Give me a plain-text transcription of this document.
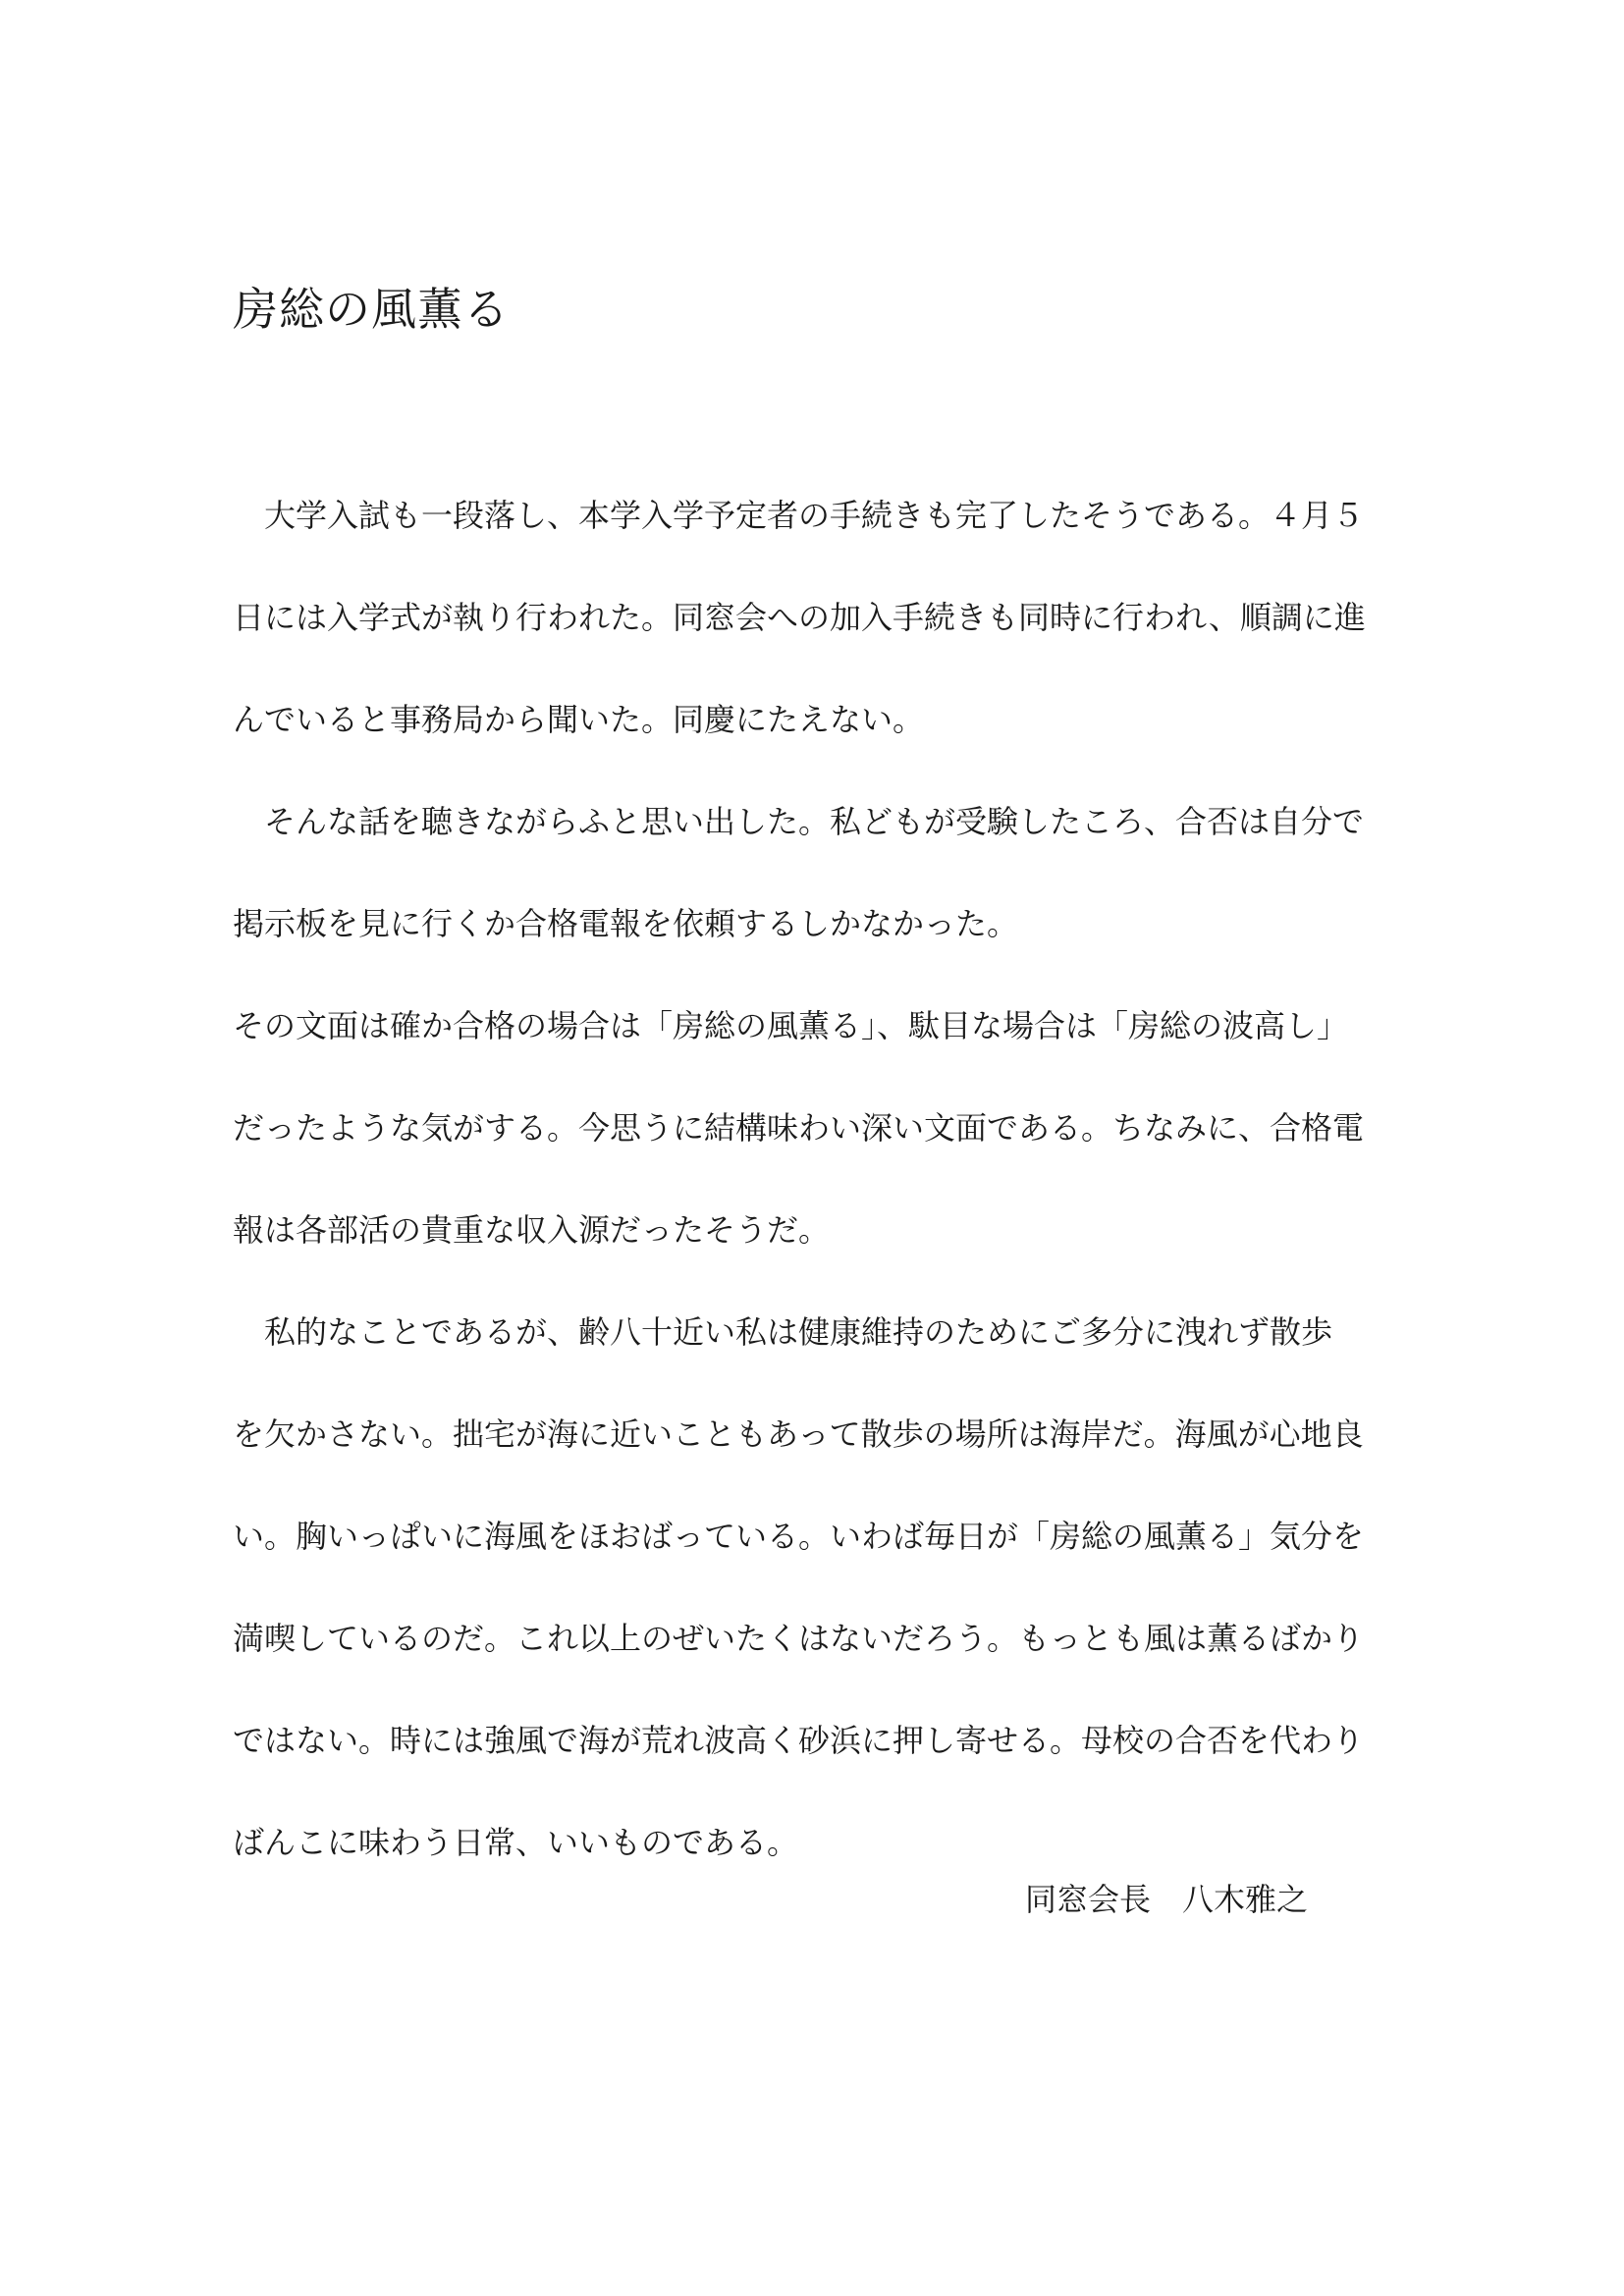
房総の風薫る
　大学入試も一段落し、本学入学予定者の手続きも完了したそうである。４月５
日には入学式が執り行われた。同窓会への加入手続きも同時に行われ、順調に進
んでいると事務局から聞いた。同慶にたえない。
　そんな話を聴きながらふと思い出した。私どもが受験したころ、合否は自分で
掲示板を見に行くか合格電報を依頼するしかなかった。
その文面は確か合格の場合は「房総の風薫る」、駄目な場合は「房総の波高し」
だったような気がする。今思うに結構味わい深い文面である。ちなみに、合格電
報は各部活の貴重な収入源だったそうだ。
　私的なことであるが、齢八十近い私は健康維持のためにご多分に洩れず散歩
を欠かさない。拙宅が海に近いこともあって散歩の場所は海岸だ。海風が心地良
い。胸いっぱいに海風をほおばっている。いわば毎日が「房総の風薫る」気分を
満喫しているのだ。これ以上のぜいたくはないだろう。もっとも風は薫るばかり
ではない。時には強風で海が荒れ波高く砂浜に押し寄せる。母校の合否を代わり
ばんこに味わう日常、いいものである。
同窓会長　八木雅之
